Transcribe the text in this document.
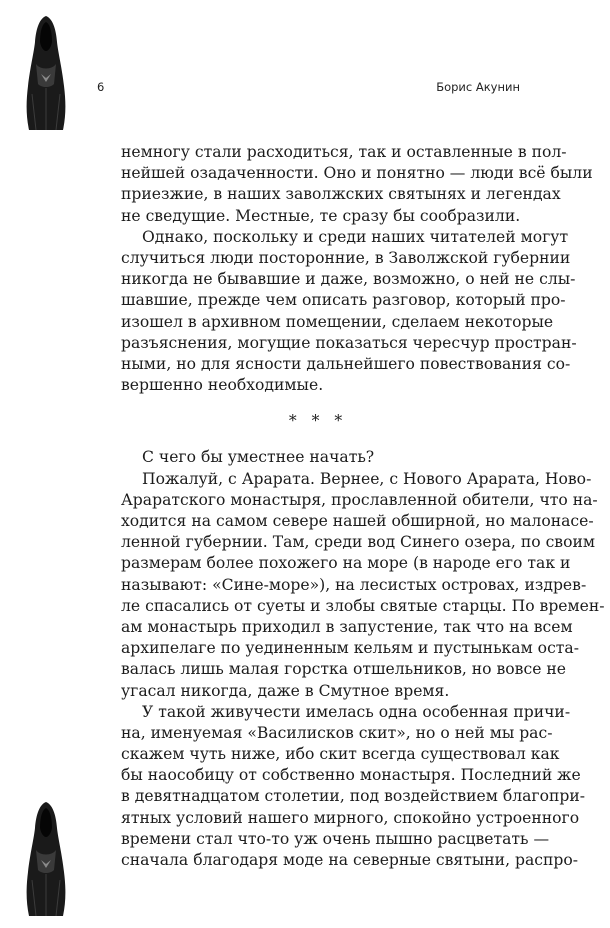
6	Борис Акунин
немногу стали расходиться, так и оставленные в пол-
нейшей озадаченности. Оно и понятно — люди всё были
приезжие, в наших заволжских святынях и легендах
не сведущие. Местные, те сразу бы сообразили.
Однако, поскольку и среди наших читателей могут
случиться люди посторонние, в Заволжской губернии
никогда не бывавшие и даже, возможно, о ней не слы-
шавшие, прежде чем описать разговор, который про-
изошел в архивном помещении, сделаем некоторые
разъяснения, могущие показаться чересчур простран-
ными, но для ясности дальнейшего повествования со-
вершенно необходимые.
* * *
С чего бы уместнее начать?
Пожалуй, с Арарата. Вернее, с Нового Арарата, Ново-
Араратского монастыря, прославленной обители, что на-
ходится на самом севере нашей обширной, но малонасе-
ленной губернии. Там, среди вод Синего озера, по своим
размерам более похожего на море (в народе его так и
называют: «Сине-море»), на лесистых островах, издрев-
ле спасались от суеты и злобы святые старцы. По времен-
ам монастырь приходил в запустение, так что на всем
архипелаге по уединенным кельям и пустынькам оста-
валась лишь малая горстка отшельников, но вовсе не
угасал никогда, даже в Смутное время.
У такой живучести имелась одна особенная причи-
на, именуемая «Василисков скит», но о ней мы рас-
скажем чуть ниже, ибо скит всегда существовал как
бы наособицу от собственно монастыря. Последний же
в девятнадцатом столетии, под воздействием благопри-
ятных условий нашего мирного, спокойно устроенного
времени стал что-то уж очень пышно расцветать —
сначала благодаря моде на северные святыни, распро-
